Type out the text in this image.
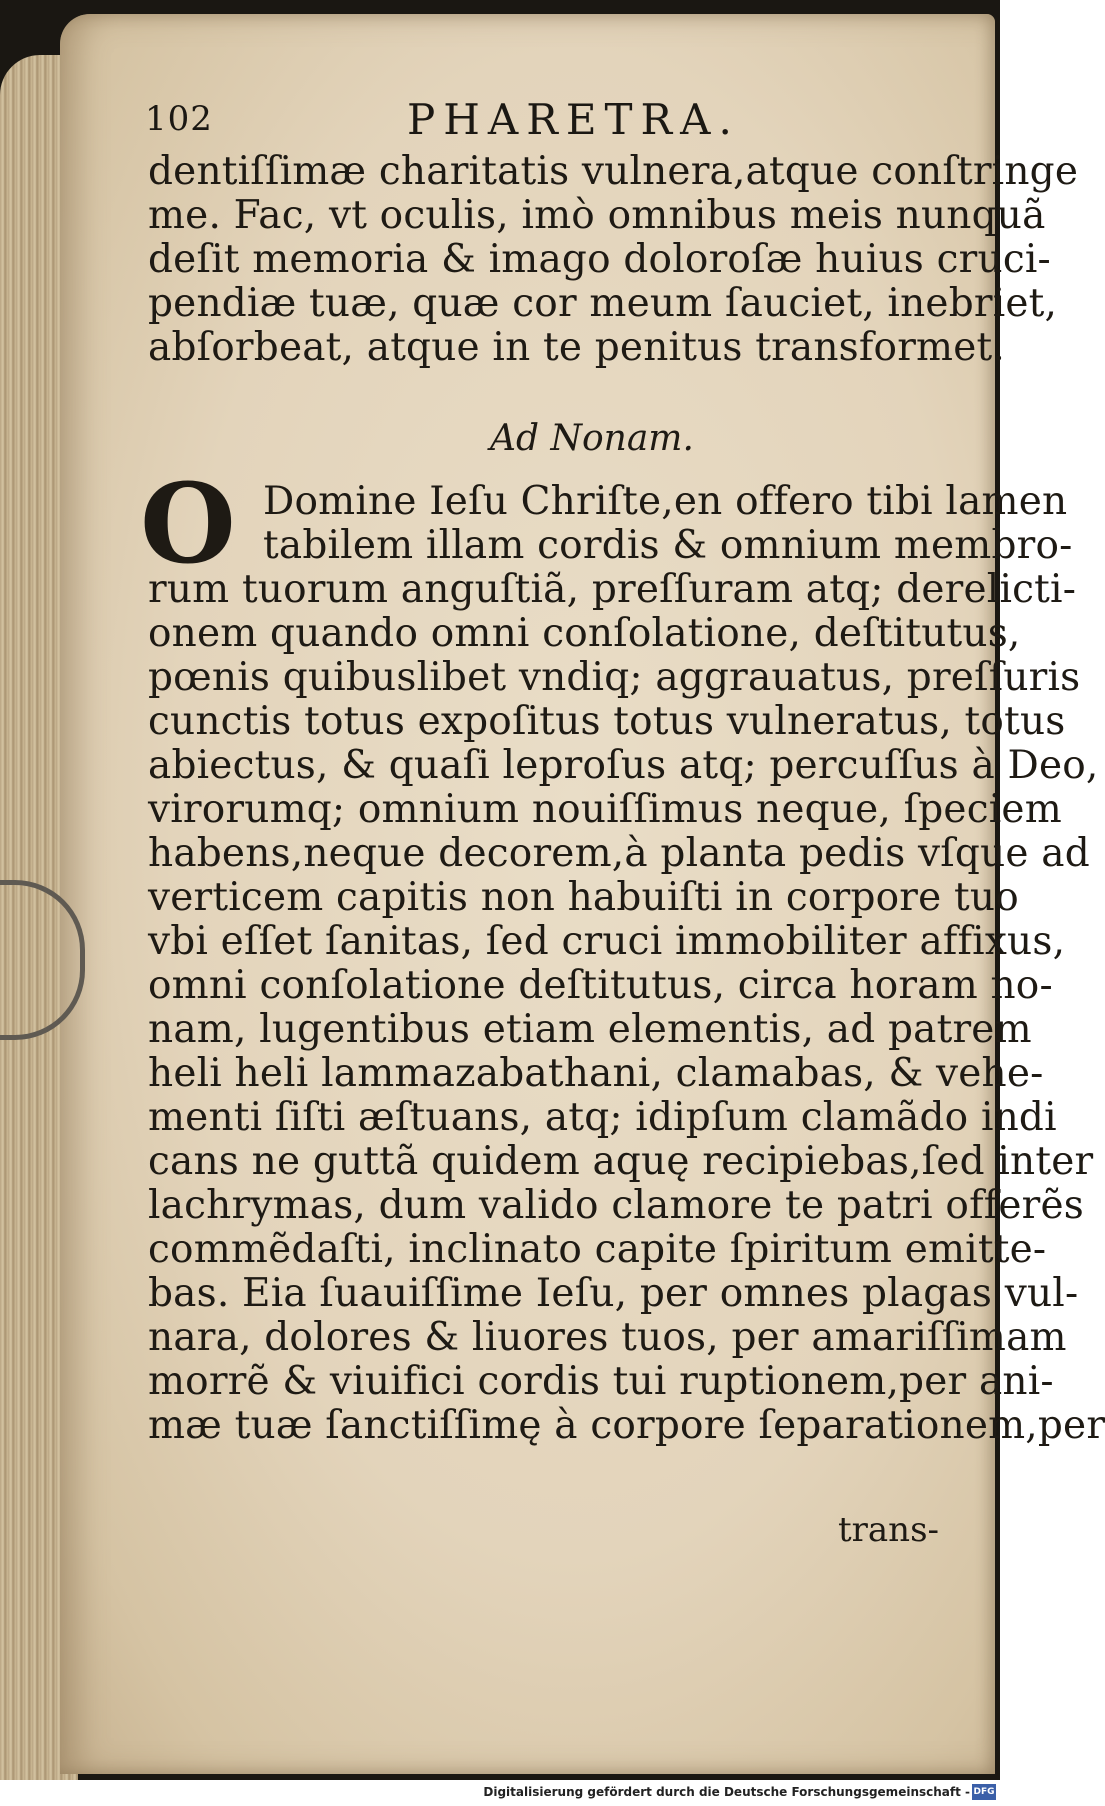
102	PHARETRA.
dentiſſimæ charitatis vulnera,atque conſtringe
me. Fac, vt oculis, imò omnibus meis nunquã
deſit memoria & imago doloroſæ huius cruci-
pendiæ tuæ, quæ cor meum ſauciet, inebriet,
abſorbeat, atque in te penitus transformet.
Ad Nonam.
O Domine Ieſu Chriſte,en offero tibi lamen
tabilem illam cordis & omnium membro-
rum tuorum anguſtiã, preſſuram atq; derelicti-
onem quando omni conſolatione, deſtitutus,
pœnis quibuslibet vndiq; aggrauatus, preſſuris
cunctis totus expoſitus totus vulneratus, totus
abiectus, & quaſi leproſus atq; percuſſus à Deo,
virorumq; omnium nouiſſimus neque, ſpeciem
habens,neque decorem,à planta pedis vſque ad
verticem capitis non habuiſti in corpore tuo
vbi eſſet ſanitas, ſed cruci immobiliter affixus,
omni conſolatione deſtitutus, circa horam no-
nam, lugentibus etiam elementis, ad patrem
heli heli lammazabathani, clamabas, & vehe-
menti ſiſti æſtuans, atq; idipſum clamãdo indi
cans ne guttã quidem aquę recipiebas,ſed inter
lachrymas, dum valido clamore te patri offerẽs
commẽdaſti, inclinato capite ſpiritum emitte-
bas. Eia ſuauiſſime Ieſu, per omnes plagas vul-
nara, dolores & liuores tuos, per amariſſimam
morrẽ & viuifici cordis tui ruptionem,per ani-
mæ tuæ ſanctiſſimę à corpore ſeparationem,per
trans-
Digitalisierung gefördert durch die Deutsche Forschungsgemeinschaft - DFG
